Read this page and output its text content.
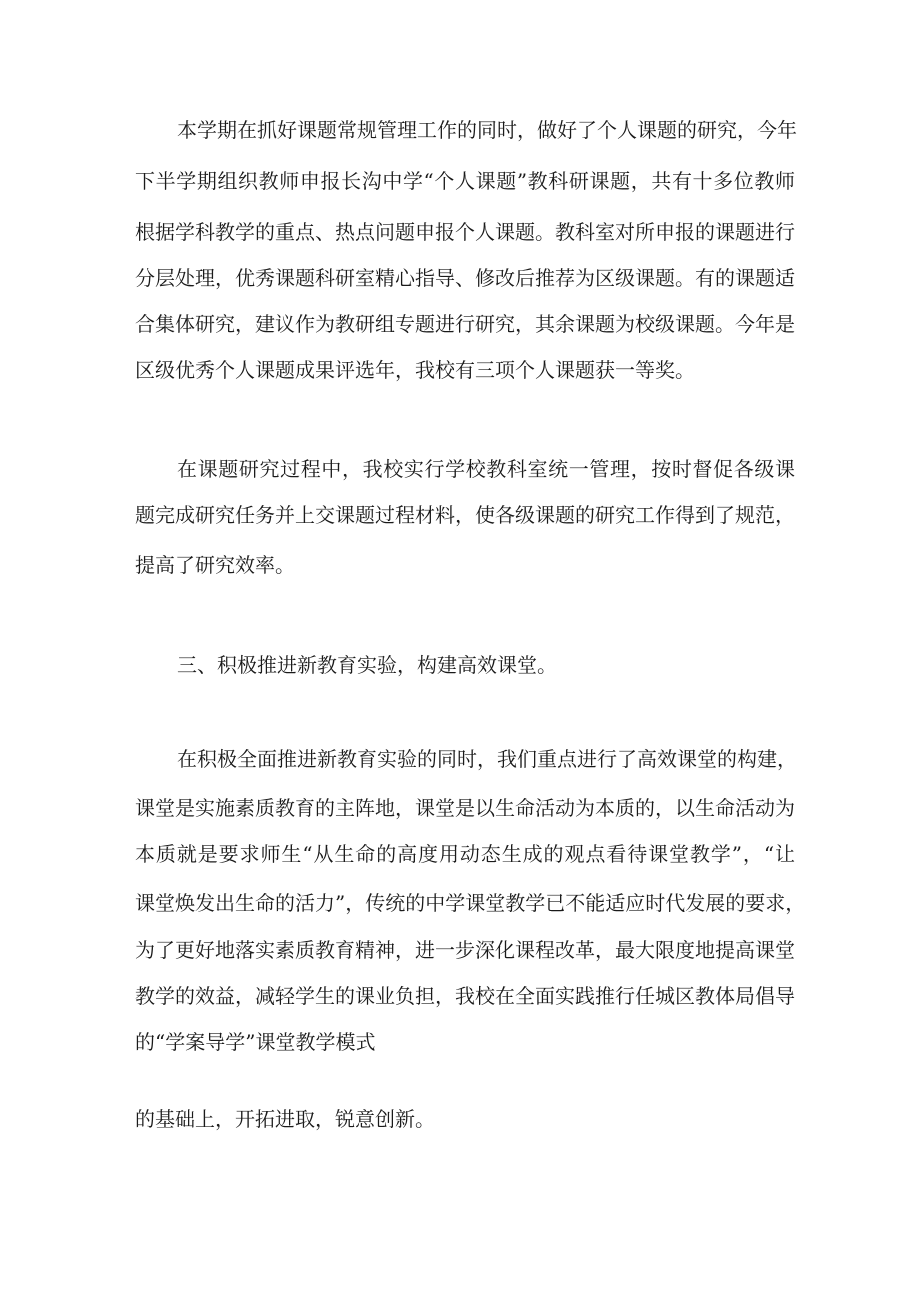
本学期在抓好课题常规管理工作的同时，做好了个人课题的研究，今年
下半学期组织教师申报长沟中学“个人课题”教科研课题，共有十多位教师
根据学科教学的重点、热点问题申报个人课题。教科室对所申报的课题进行
分层处理，优秀课题科研室精心指导、修改后推荐为区级课题。有的课题适
合集体研究，建议作为教研组专题进行研究，其余课题为校级课题。今年是
区级优秀个人课题成果评选年，我校有三项个人课题获一等奖。
在课题研究过程中，我校实行学校教科室统一管理，按时督促各级课
题完成研究任务并上交课题过程材料，使各级课题的研究工作得到了规范，
提高了研究效率。
三、积极推进新教育实验，构建高效课堂。
在积极全面推进新教育实验的同时，我们重点进行了高效课堂的构建，
课堂是实施素质教育的主阵地，课堂是以生命活动为本质的，以生命活动为
本质就是要求师生“从生命的高度用动态生成的观点看待课堂教学”，“让
课堂焕发出生命的活力”，传统的中学课堂教学已不能适应时代发展的要求，
为了更好地落实素质教育精神，进一步深化课程改革，最大限度地提高课堂
教学的效益，减轻学生的课业负担，我校在全面实践推行任城区教体局倡导
的“学案导学”课堂教学模式
的基础上，开拓进取，锐意创新。
